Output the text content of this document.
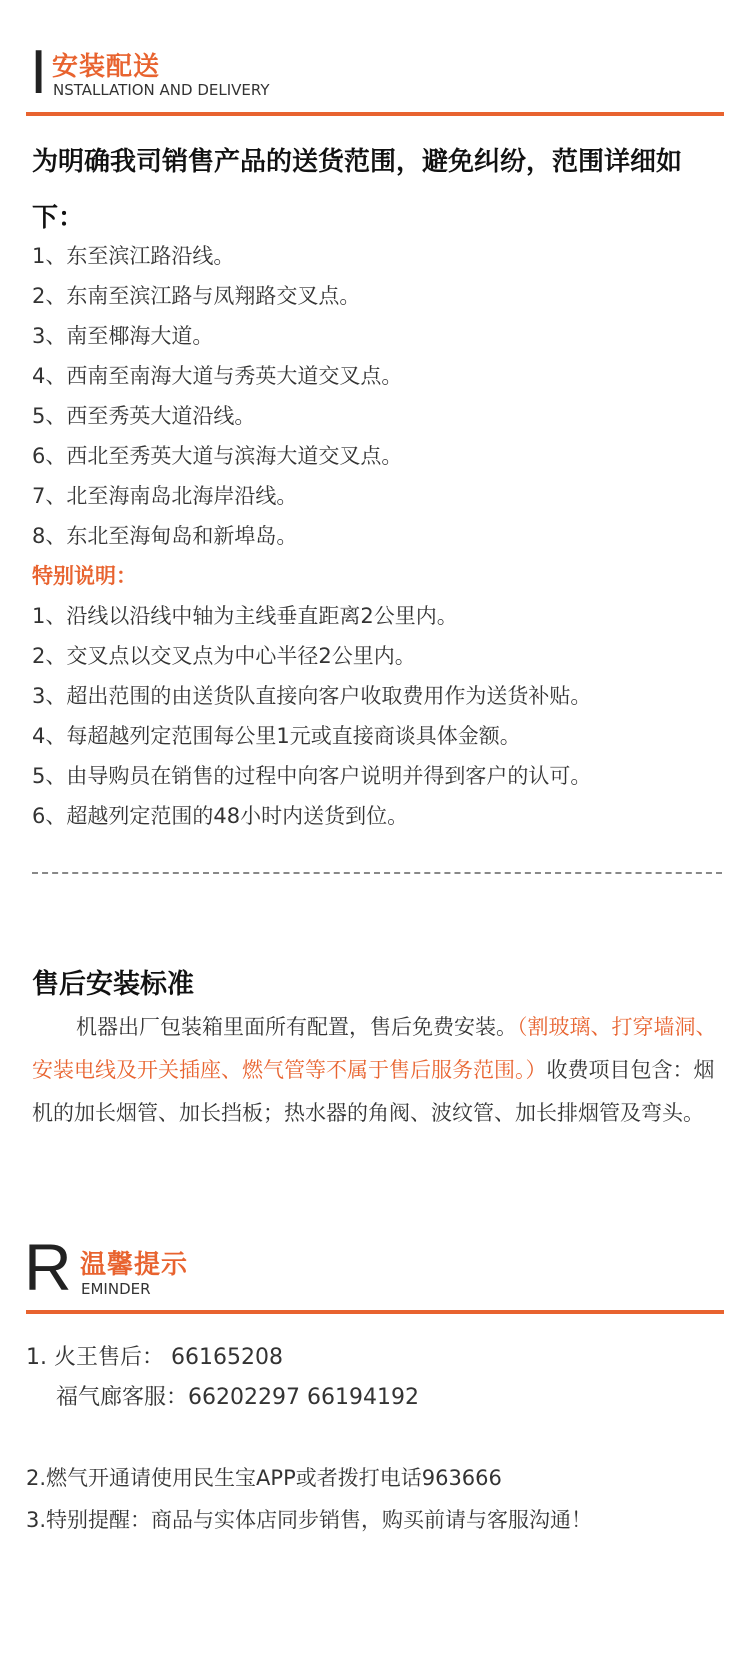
I 安装配送
NSTALLATION AND DELIVERY

为明确我司销售产品的送货范围，避免纠纷，范围详细如下：

1、东至滨江路沿线。
2、东南至滨江路与凤翔路交叉点。
3、南至椰海大道。
4、西南至南海大道与秀英大道交叉点。
5、西至秀英大道沿线。
6、西北至秀英大道与滨海大道交叉点。
7、北至海南岛北海岸沿线。
8、东北至海甸岛和新埠岛。
特别说明：
1、沿线以沿线中轴为主线垂直距离2公里内。
2、交叉点以交叉点为中心半径2公里内。
3、超出范围的由送货队直接向客户收取费用作为送货补贴。
4、每超越列定范围每公里1元或直接商谈具体金额。
5、由导购员在销售的过程中向客户说明并得到客户的认可。
6、超越列定范围的48小时内送货到位。
售后安装标准

机器出厂包装箱里面所有配置，售后免费安装。（割玻璃、打穿墙洞、安装电线及开关插座、燃气管等不属于售后服务范围。）收费项目包含：烟机的加长烟管、加长挡板；热水器的角阀、波纹管、加长排烟管及弯头。

R 温馨提示
EMINDER
1. 火王售后： 66165208
福气廊客服：66202297 66194192
2.燃气开通请使用民生宝APP或者拨打电话963666
3.特别提醒：商品与实体店同步销售，购买前请与客服沟通！
